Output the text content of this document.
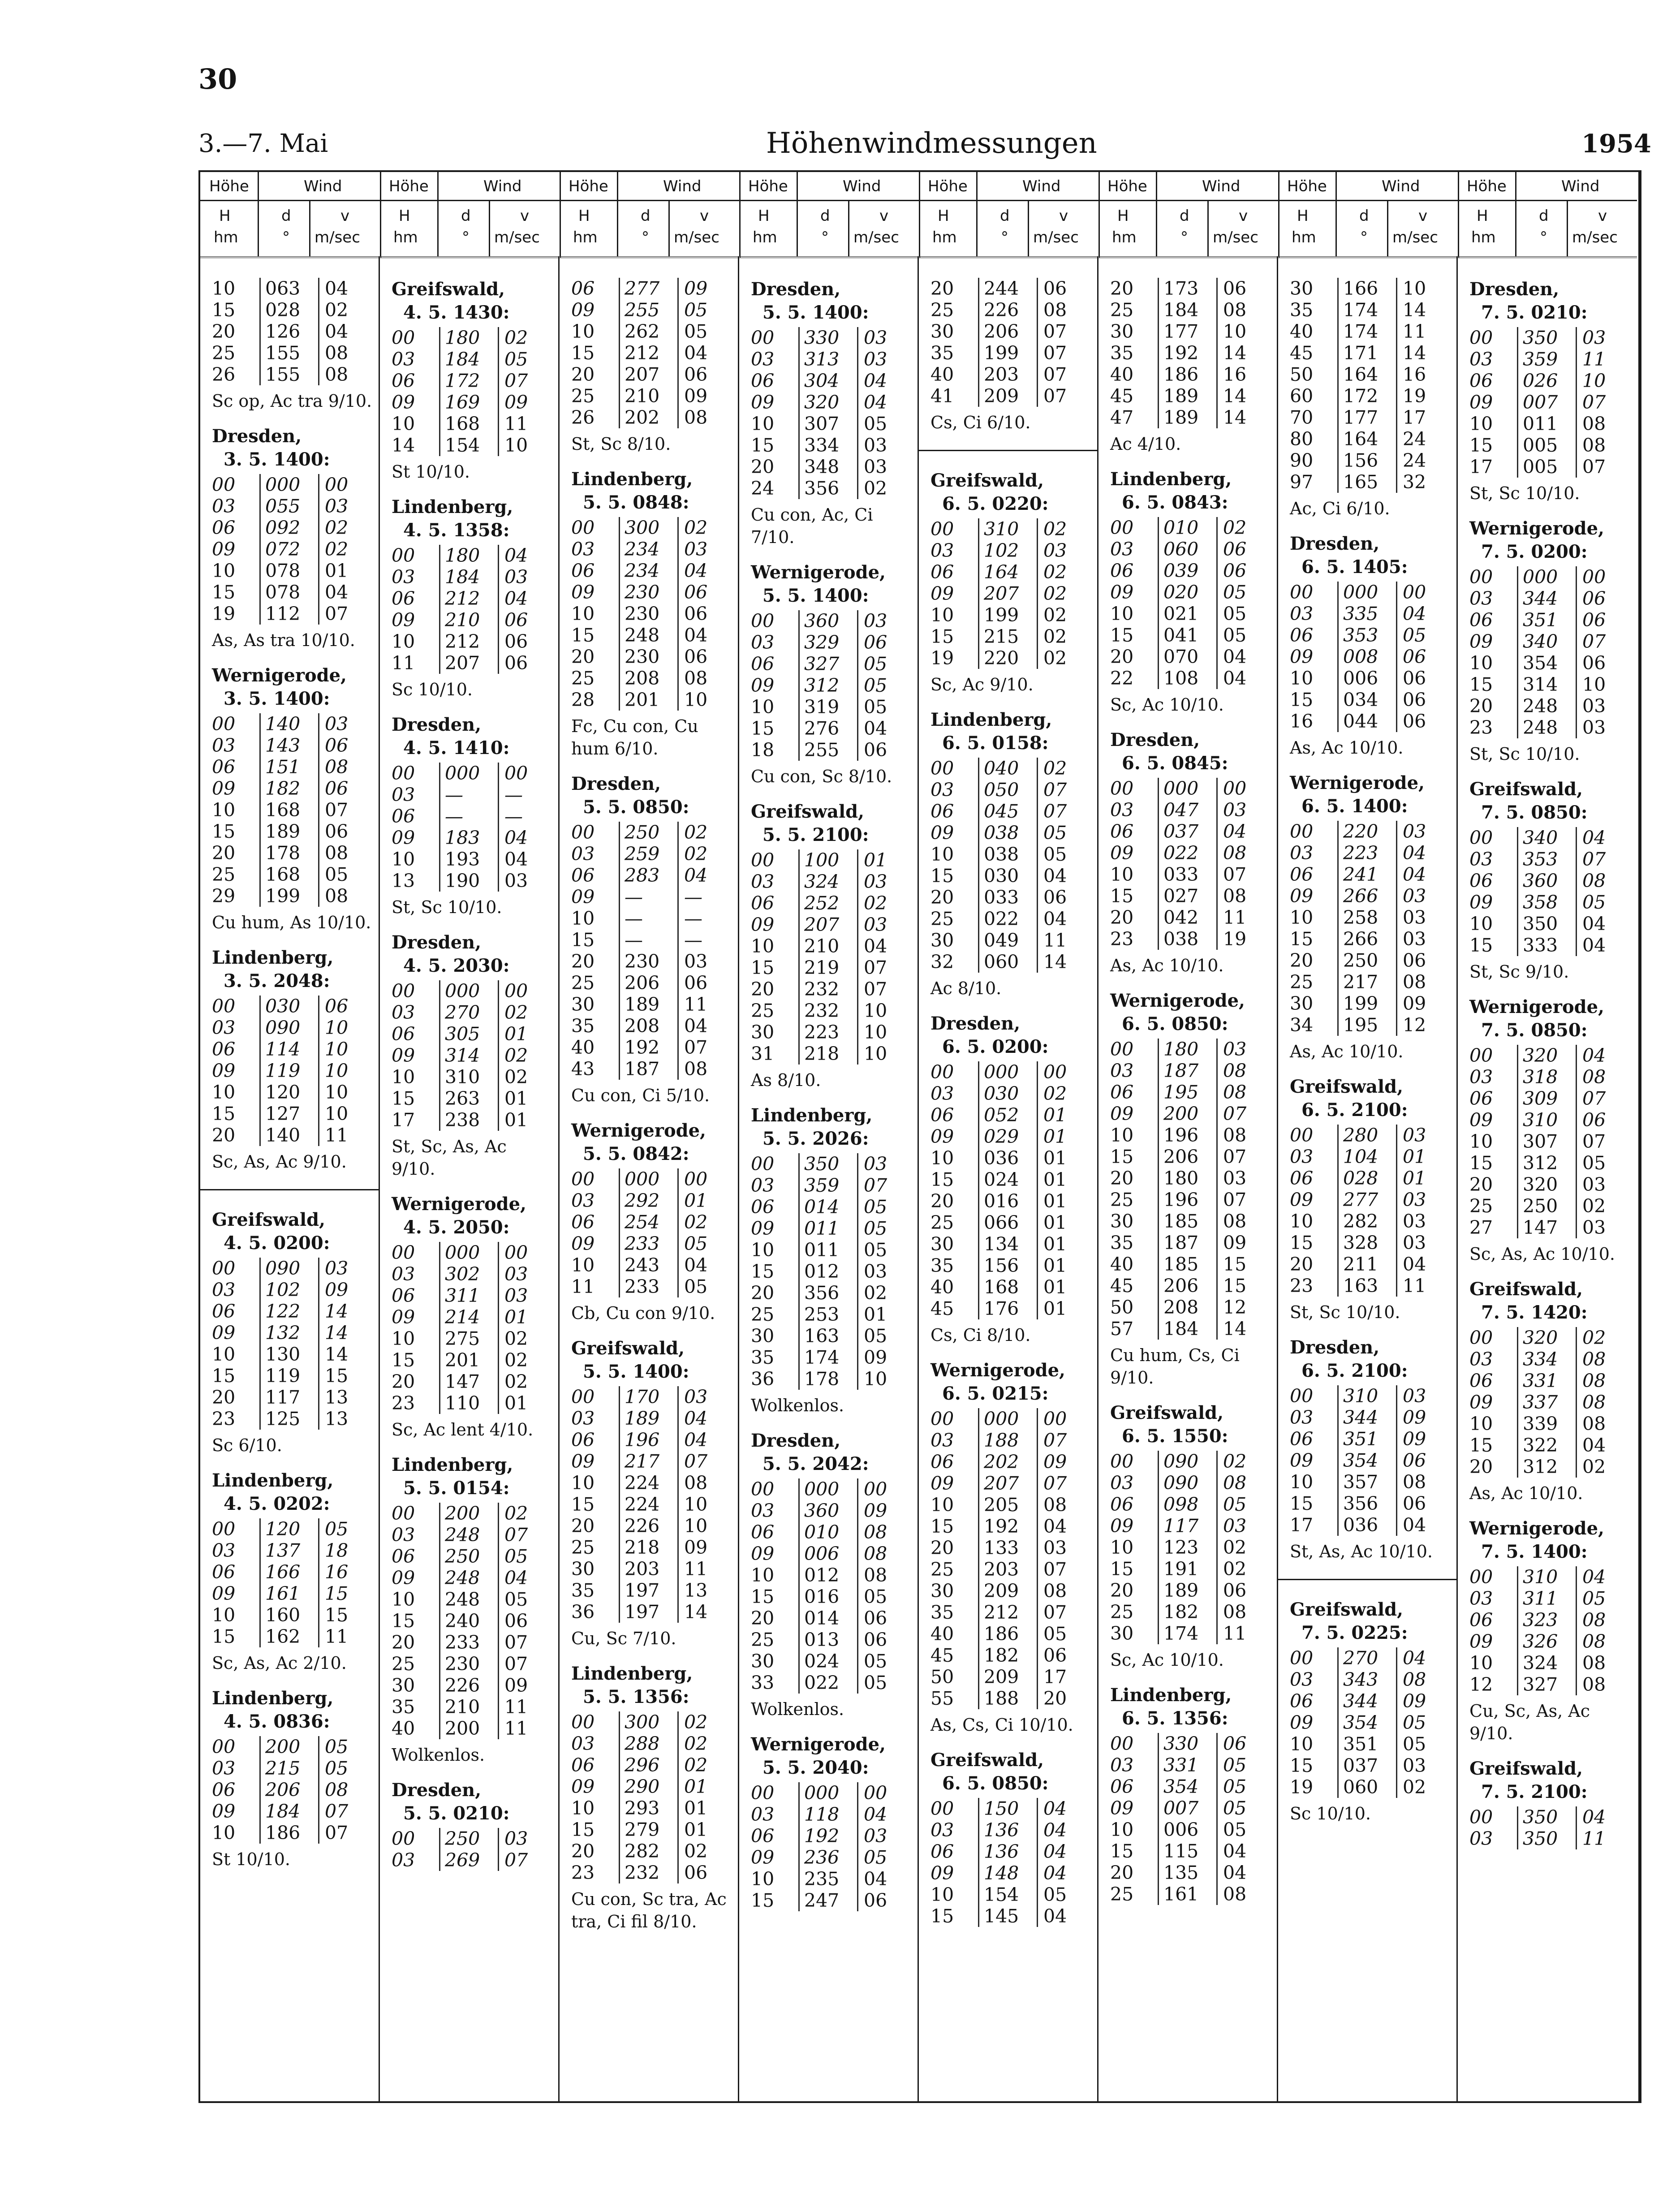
30
3.—7. Mai	Höhenwindmessungen	1954
Höhe
H
hm
Wind
d
°
v
m/sec
10	063	04
15	028	02
20	126	04
25	155	08
26	155	08
Sc op, Ac tra 9/10.
Dresden,
3. 5. 1400:
00	000	00
03	055	03
06	092	02
09	072	02
10	078	01
15	078	04
19	112	07
As, As tra 10/10.
Wernigerode,
3. 5. 1400:
00	140	03
03	143	06
06	151	08
09	182	06
10	168	07
15	189	06
20	178	08
25	168	05
29	199	08
Cu hum, As 10/10.
Lindenberg,
3. 5. 2048:
00	030	06
03	090	10
06	114	10
09	119	10
10	120	10
15	127	10
20	140	11
Sc, As, Ac 9/10.
Greifswald,
4. 5. 0200:
00	090	03
03	102	09
06	122	14
09	132	14
10	130	14
15	119	15
20	117	13
23	125	13
Sc 6/10.
Lindenberg,
4. 5. 0202:
00	120	05
03	137	18
06	166	16
09	161	15
10	160	15
15	162	11
Sc, As, Ac 2/10.
Lindenberg,
4. 5. 0836:
00	200	05
03	215	05
06	206	08
09	184	07
10	186	07
St 10/10.
Höhe
H
hm
Wind
d
°
v
m/sec
Greifswald,
4. 5. 1430:
00	180	02
03	184	05
06	172	07
09	169	09
10	168	11
14	154	10
St 10/10.
Lindenberg,
4. 5. 1358:
00	180	04
03	184	03
06	212	04
09	210	06
10	212	06
11	207	06
Sc 10/10.
Dresden,
4. 5. 1410:
00	000	00
03	—	—
06	—	—
09	183	04
10	193	04
13	190	03
St, Sc 10/10.
Dresden,
4. 5. 2030:
00	000	00
03	270	02
06	305	01
09	314	02
10	310	02
15	263	01
17	238	01
St, Sc, As, Ac 9/10.
Wernigerode,
4. 5. 2050:
00	000	00
03	302	03
06	311	03
09	214	01
10	275	02
15	201	02
20	147	02
23	110	01
Sc, Ac lent 4/10.
Lindenberg,
5. 5. 0154:
00	200	02
03	248	07
06	250	05
09	248	04
10	248	05
15	240	06
20	233	07
25	230	07
30	226	09
35	210	11
40	200	11
Wolkenlos.
Dresden,
5. 5. 0210:
00	250	03
03	269	07
Höhe
H
hm
Wind
d
°
v
m/sec
06	277	09
09	255	05
10	262	05
15	212	04
20	207	06
25	210	09
26	202	08
St, Sc 8/10.
Lindenberg,
5. 5. 0848:
00	300	02
03	234	03
06	234	04
09	230	06
10	230	06
15	248	04
20	230	06
25	208	08
28	201	10
Fc, Cu con, Cu hum 6/10.
Dresden,
5. 5. 0850:
00	250	02
03	259	02
06	283	04
09	—	—
10	—	—
15	—	—
20	230	03
25	206	06
30	189	11
35	208	04
40	192	07
43	187	08
Cu con, Ci 5/10.
Wernigerode,
5. 5. 0842:
00	000	00
03	292	01
06	254	02
09	233	05
10	243	04
11	233	05
Cb, Cu con 9/10.
Greifswald,
5. 5. 1400:
00	170	03
03	189	04
06	196	04
09	217	07
10	224	08
15	224	10
20	226	10
25	218	09
30	203	11
35	197	13
36	197	14
Cu, Sc 7/10.
Lindenberg,
5. 5. 1356:
00	300	02
03	288	02
06	296	02
09	290	01
10	293	01
15	279	01
20	282	02
23	232	06
Cu con, Sc tra, Ac tra, Ci fil 8/10.
Höhe
H
hm
Wind
d
°
v
m/sec
Dresden,
5. 5. 1400:
00	330	03
03	313	03
06	304	04
09	320	04
10	307	05
15	334	03
20	348	03
24	356	02
Cu con, Ac, Ci 7/10.
Wernigerode,
5. 5. 1400:
00	360	03
03	329	06
06	327	05
09	312	05
10	319	05
15	276	04
18	255	06
Cu con, Sc 8/10.
Greifswald,
5. 5. 2100:
00	100	01
03	324	03
06	252	02
09	207	03
10	210	04
15	219	07
20	232	07
25	232	10
30	223	10
31	218	10
As 8/10.
Lindenberg,
5. 5. 2026:
00	350	03
03	359	07
06	014	05
09	011	05
10	011	05
15	012	03
20	356	02
25	253	01
30	163	05
35	174	09
36	178	10
Wolkenlos.
Dresden,
5. 5. 2042:
00	000	00
03	360	09
06	010	08
09	006	08
10	012	08
15	016	05
20	014	06
25	013	06
30	024	05
33	022	05
Wolkenlos.
Wernigerode,
5. 5. 2040:
00	000	00
03	118	04
06	192	03
09	236	05
10	235	04
15	247	06
Höhe
H
hm
Wind
d
°
v
m/sec
20	244	06
25	226	08
30	206	07
35	199	07
40	203	07
41	209	07
Cs, Ci 6/10.
Greifswald,
6. 5. 0220:
00	310	02
03	102	03
06	164	02
09	207	02
10	199	02
15	215	02
19	220	02
Sc, Ac 9/10.
Lindenberg,
6. 5. 0158:
00	040	02
03	050	07
06	045	07
09	038	05
10	038	05
15	030	04
20	033	06
25	022	04
30	049	11
32	060	14
Ac 8/10.
Dresden,
6. 5. 0200:
00	000	00
03	030	02
06	052	01
09	029	01
10	036	01
15	024	01
20	016	01
25	066	01
30	134	01
35	156	01
40	168	01
45	176	01
Cs, Ci 8/10.
Wernigerode,
6. 5. 0215:
00	000	00
03	188	07
06	202	09
09	207	07
10	205	08
15	192	04
20	133	03
25	203	07
30	209	08
35	212	07
40	186	05
45	182	06
50	209	17
55	188	20
As, Cs, Ci 10/10.
Greifswald,
6. 5. 0850:
00	150	04
03	136	04
06	136	04
09	148	04
10	154	05
15	145	04
Höhe
H
hm
Wind
d
°
v
m/sec
20	173	06
25	184	08
30	177	10
35	192	14
40	186	16
45	189	14
47	189	14
Ac 4/10.
Lindenberg,
6. 5. 0843:
00	010	02
03	060	06
06	039	06
09	020	05
10	021	05
15	041	05
20	070	04
22	108	04
Sc, Ac 10/10.
Dresden,
6. 5. 0845:
00	000	00
03	047	03
06	037	04
09	022	08
10	033	07
15	027	08
20	042	11
23	038	19
As, Ac 10/10.
Wernigerode,
6. 5. 0850:
00	180	03
03	187	08
06	195	08
09	200	07
10	196	08
15	206	07
20	180	03
25	196	07
30	185	08
35	187	09
40	185	15
45	206	15
50	208	12
57	184	14
Cu hum, Cs, Ci 9/10.
Greifswald,
6. 5. 1550:
00	090	02
03	090	08
06	098	05
09	117	03
10	123	02
15	191	02
20	189	06
25	182	08
30	174	11
Sc, Ac 10/10.
Lindenberg,
6. 5. 1356:
00	330	06
03	331	05
06	354	05
09	007	05
10	006	05
15	115	04
20	135	04
25	161	08
Höhe
H
hm
Wind
d
°
v
m/sec
30	166	10
35	174	14
40	174	11
45	171	14
50	164	16
60	172	19
70	177	17
80	164	24
90	156	24
97	165	32
Ac, Ci 6/10.
Dresden,
6. 5. 1405:
00	000	00
03	335	04
06	353	05
09	008	06
10	006	06
15	034	06
16	044	06
As, Ac 10/10.
Wernigerode,
6. 5. 1400:
00	220	03
03	223	04
06	241	04
09	266	03
10	258	03
15	266	03
20	250	06
25	217	08
30	199	09
34	195	12
As, Ac 10/10.
Greifswald,
6. 5. 2100:
00	280	03
03	104	01
06	028	01
09	277	03
10	282	03
15	328	03
20	211	04
23	163	11
St, Sc 10/10.
Dresden,
6. 5. 2100:
00	310	03
03	344	09
06	351	09
09	354	06
10	357	08
15	356	06
17	036	04
St, As, Ac 10/10.
Greifswald,
7. 5. 0225:
00	270	04
03	343	08
06	344	09
09	354	05
10	351	05
15	037	03
19	060	02
Sc 10/10.
Höhe
H
hm
Wind
d
°
v
m/sec
Dresden,
7. 5. 0210:
00	350	03
03	359	11
06	026	10
09	007	07
10	011	08
15	005	08
17	005	07
St, Sc 10/10.
Wernigerode,
7. 5. 0200:
00	000	00
03	344	06
06	351	06
09	340	07
10	354	06
15	314	10
20	248	03
23	248	03
St, Sc 10/10.
Greifswald,
7. 5. 0850:
00	340	04
03	353	07
06	360	08
09	358	05
10	350	04
15	333	04
St, Sc 9/10.
Wernigerode,
7. 5. 0850:
00	320	04
03	318	08
06	309	07
09	310	06
10	307	07
15	312	05
20	320	03
25	250	02
27	147	03
Sc, As, Ac 10/10.
Greifswald,
7. 5. 1420:
00	320	02
03	334	08
06	331	08
09	337	08
10	339	08
15	322	04
20	312	02
As, Ac 10/10.
Wernigerode,
7. 5. 1400:
00	310	04
03	311	05
06	323	08
09	326	08
10	324	08
12	327	08
Cu, Sc, As, Ac 9/10.
Greifswald,
7. 5. 2100:
00	350	04
03	350	11
